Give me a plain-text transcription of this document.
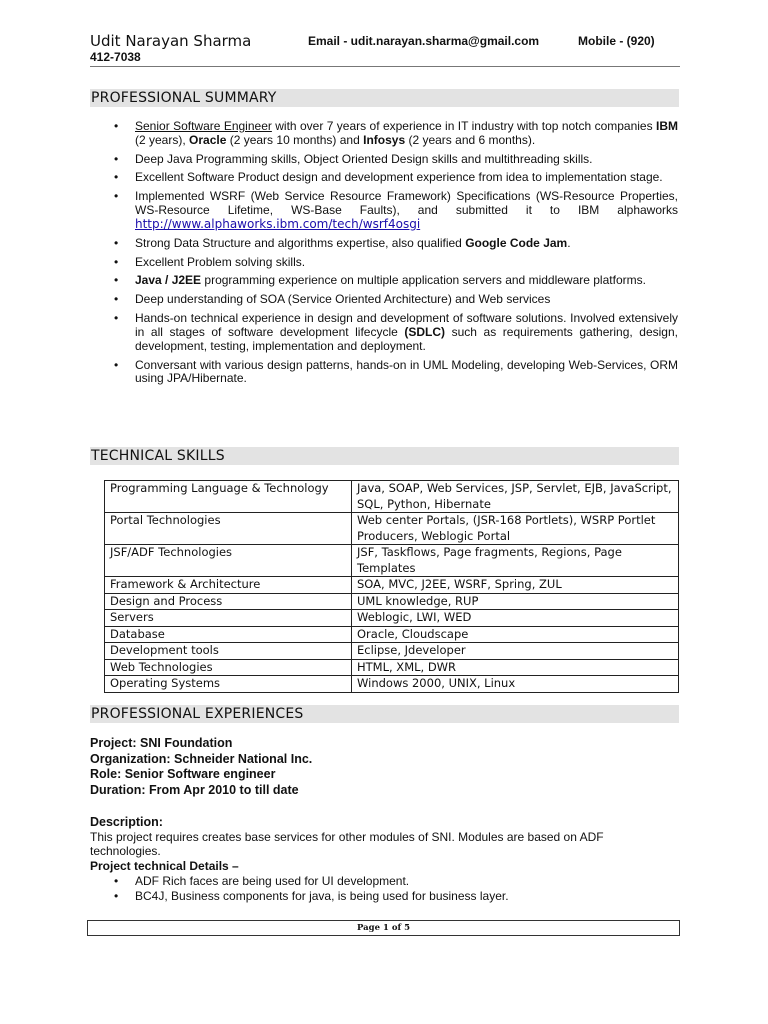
Udit Narayan Sharma	Email - udit.narayan.sharma@gmail.com	Mobile - (920)
412-7038
PROFESSIONAL SUMMARY
• Senior Software Engineer with over 7 years of experience in IT industry with top notch companies IBM (2 years), Oracle (2 years 10 months) and Infosys (2 years and 6 months).
• Deep Java Programming skills, Object Oriented Design skills and multithreading skills.
• Excellent Software Product design and development experience from idea to implementation stage.
• Implemented WSRF (Web Service Resource Framework) Specifications (WS-Resource Properties, WS-Resource Lifetime, WS-Base Faults), and submitted it to IBM alphaworks http://www.alphaworks.ibm.com/tech/wsrf4osgi
• Strong Data Structure and algorithms expertise, also qualified Google Code Jam.
• Excellent Problem solving skills.
• Java / J2EE programming experience on multiple application servers and middleware platforms.
• Deep understanding of SOA (Service Oriented Architecture) and Web services
• Hands-on technical experience in design and development of software solutions. Involved extensively in all stages of software development lifecycle (SDLC) such as requirements gathering, design, development, testing, implementation and deployment.
• Conversant with various design patterns, hands-on in UML Modeling, developing Web-Services, ORM using JPA/Hibernate.
TECHNICAL SKILLS
Programming Language & Technology	Java, SOAP, Web Services, JSP, Servlet, EJB, JavaScript, SQL, Python, Hibernate
Portal Technologies	Web center Portals, (JSR-168 Portlets), WSRP Portlet Producers, Weblogic Portal
JSF/ADF Technologies	JSF, Taskflows, Page fragments, Regions, Page Templates
Framework & Architecture	SOA, MVC, J2EE, WSRF, Spring, ZUL
Design and Process	UML knowledge, RUP
Servers	Weblogic, LWI, WED
Database	Oracle, Cloudscape
Development tools	Eclipse, Jdeveloper
Web Technologies	HTML, XML, DWR
Operating Systems	Windows 2000, UNIX, Linux
PROFESSIONAL EXPERIENCES
Project: SNI Foundation
Organization: Schneider National Inc.
Role: Senior Software engineer
Duration: From Apr 2010 to till date
Description:
This project requires creates base services for other modules of SNI. Modules are based on ADF technologies.
Project technical Details –
• ADF Rich faces are being used for UI development.
• BC4J, Business components for java, is being used for business layer.
Page 1 of 5
